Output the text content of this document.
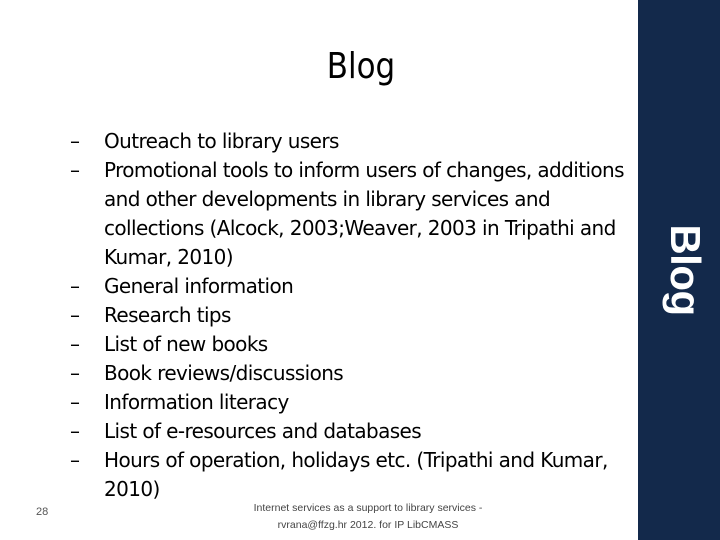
Blog
Blog
– Outreach to library users
– Promotional tools to inform users of changes, additions and other developments in library services and collections (Alcock, 2003;Weaver, 2003 in Tripathi and Kumar, 2010)
– General information
– Research tips
– List of new books
– Book reviews/discussions
– Information literacy
– List of e-resources and databases
– Hours of operation, holidays etc. (Tripathi and Kumar, 2010)
28	Internet services as a support to library services -
rvrana@ffzg.hr 2012. for IP LibCMASS
